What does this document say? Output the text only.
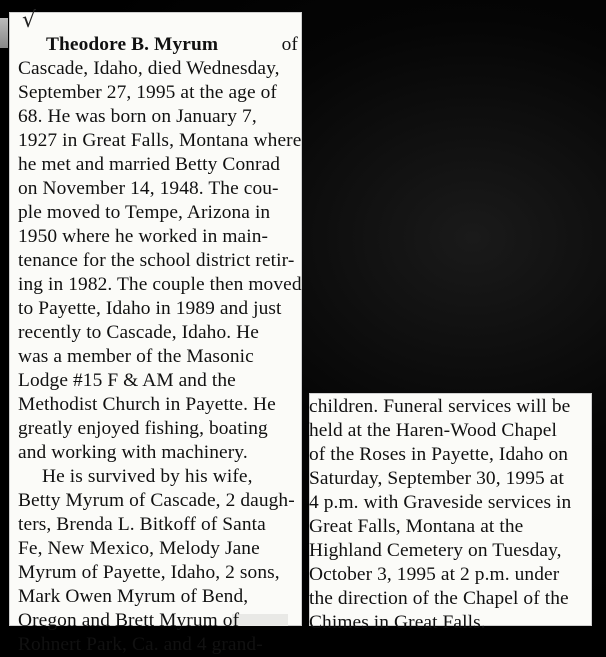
√
Theodore B. Myrum	of
Cascade, Idaho, died Wednesday,
September 27, 1995 at the age of
68. He was born on January 7,
1927 in Great Falls, Montana where
he met and married Betty Conrad
on November 14, 1948. The cou-
ple moved to Tempe, Arizona in
1950 where he worked in main-
tenance for the school district retir-
ing in 1982. The couple then moved
to Payette, Idaho in 1989 and just
recently to Cascade, Idaho. He
was a member of the Masonic
Lodge #15 F & AM and the
Methodist Church in Payette. He
greatly enjoyed fishing, boating
and working with machinery.
He is survived by his wife,
Betty Myrum of Cascade, 2 daugh-
ters, Brenda L. Bitkoff of Santa
Fe, New Mexico, Melody Jane
Myrum of Payette, Idaho, 2 sons,
Mark Owen Myrum of Bend,
Oregon and Brett Myrum of
Rohnert Park, Ca. and 4 grand-
children. Funeral services will be
held at the Haren-Wood Chapel
of the Roses in Payette, Idaho on
Saturday, September 30, 1995 at
4 p.m. with Graveside services in
Great Falls, Montana at the
Highland Cemetery on Tuesday,
October 3, 1995 at 2 p.m. under
the direction of the Chapel of the
Chimes in Great Falls.
